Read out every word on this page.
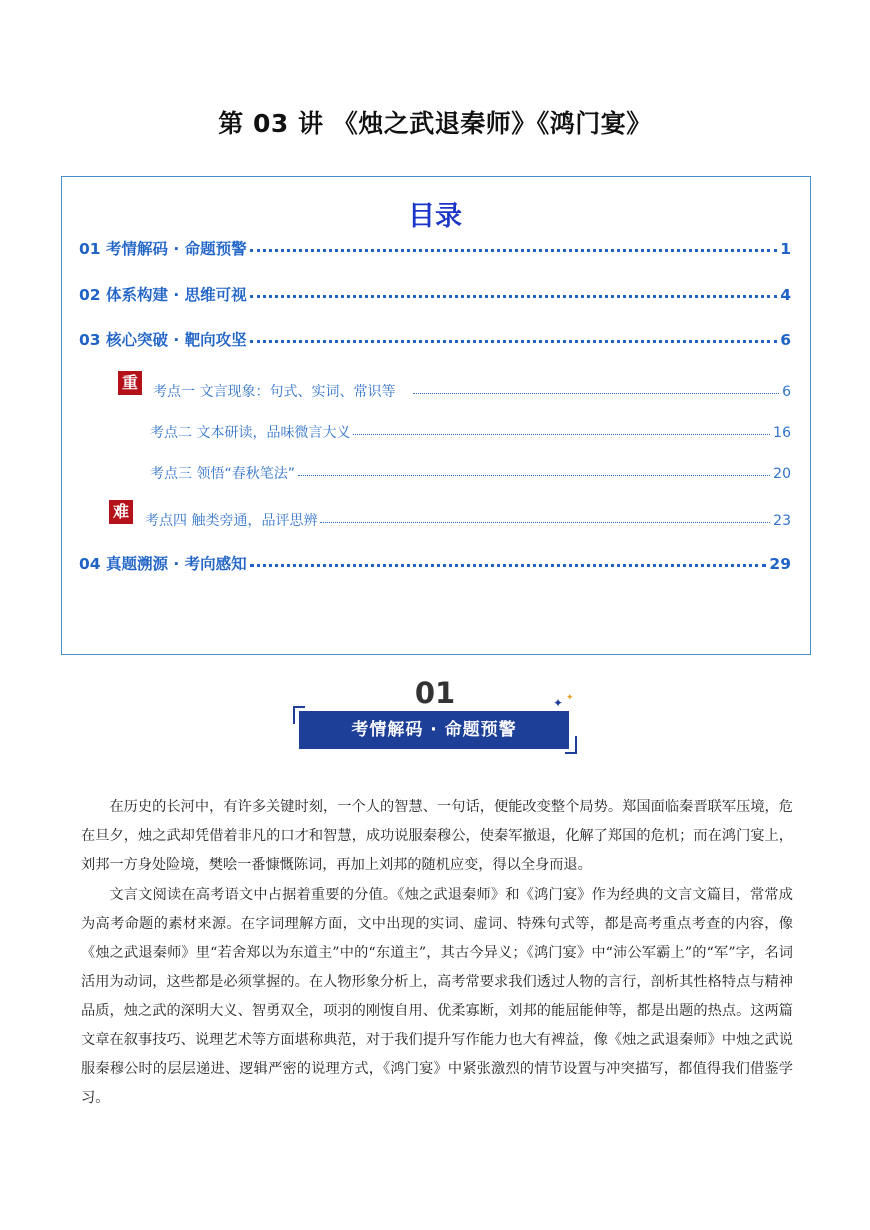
第 03 讲 《烛之武退秦师》《鸿门宴》
目录
01 考情解码 · 命题预警	1
02 体系构建 · 思维可视	4
03 核心突破 · 靶向攻坚	6
重 考点一 文言现象：句式、实词、常识等	6
考点二 文本研读，品味微言大义	16
考点三 领悟“春秋笔法”	20
难 考点四 触类旁通，品评思辨	23
04 真题溯源 · 考向感知	29
01
考情解码 · 命题预警
✦ ✦

在历史的长河中，有许多关键时刻，一个人的智慧、一句话，便能改变整个局势。郑国面临秦晋联军压境，危在旦夕，烛之武却凭借着非凡的口才和智慧，成功说服秦穆公，使秦军撤退，化解了郑国的危机；而在鸿门宴上，刘邦一方身处险境，樊哙一番慷慨陈词，再加上刘邦的随机应变，得以全身而退。

文言文阅读在高考语文中占据着重要的分值。《烛之武退秦师》和《鸿门宴》作为经典的文言文篇目，常常成为高考命题的素材来源。在字词理解方面，文中出现的实词、虚词、特殊句式等，都是高考重点考查的内容，像《烛之武退秦师》里“若舍郑以为东道主”中的“东道主”，其古今异义；《鸿门宴》中“沛公军霸上”的“军”字，名词活用为动词，这些都是必须掌握的。在人物形象分析上，高考常要求我们透过人物的言行，剖析其性格特点与精神品质，烛之武的深明大义、智勇双全，项羽的刚愎自用、优柔寡断，刘邦的能屈能伸等，都是出题的热点。这两篇文章在叙事技巧、说理艺术等方面堪称典范，对于我们提升写作能力也大有裨益，像《烛之武退秦师》中烛之武说服秦穆公时的层层递进、逻辑严密的说理方式，《鸿门宴》中紧张激烈的情节设置与冲突描写，都值得我们借鉴学习。
